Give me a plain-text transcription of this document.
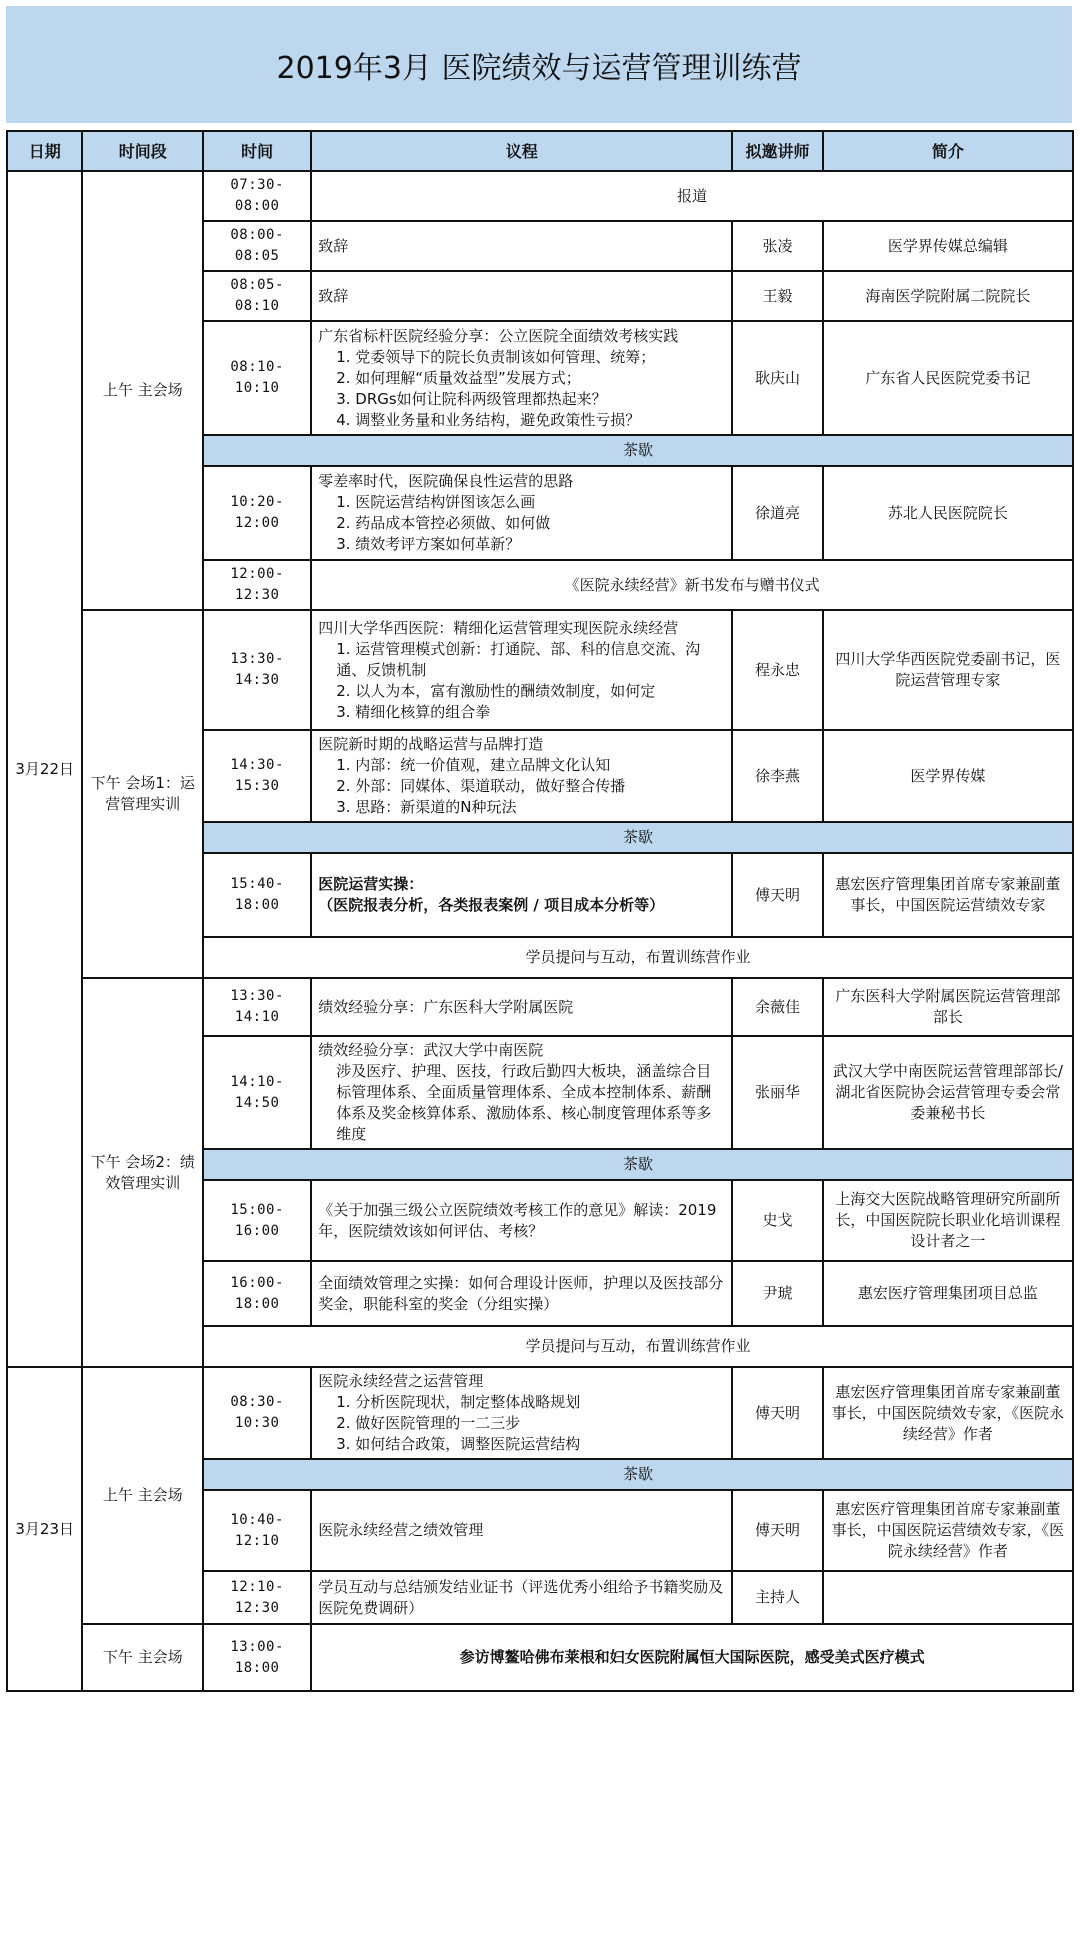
2019年3月 医院绩效与运营管理训练营
日期	时间段	时间	议程	拟邀讲师	简介
3月22日	上午 主会场	07:30-08:00	报道		
		08:00-08:05	致辞	张凌	医学界传媒总编辑
		08:05-08:10	致辞	王毅	海南医学院附属二院院长
		08:10-10:10	广东省标杆医院经验分享：公立医院全面绩效考核实践
1. 党委领导下的院长负责制该如何管理、统筹；
2. 如何理解“质量效益型”发展方式；
3. DRGs如何让院科两级管理都热起来？
4. 调整业务量和业务结构，避免政策性亏损？	耿庆山	广东省人民医院党委书记
		茶歇			
		10:20-12:00	零差率时代，医院确保良性运营的思路
1. 医院运营结构饼图该怎么画
2. 药品成本管控必须做、如何做
3. 绩效考评方案如何革新？	徐道亮	苏北人民医院院长
		12:00-12:30	《医院永续经营》新书发布与赠书仪式		
	下午 会场1：运营管理实训	13:30-14:30	四川大学华西医院：精细化运营管理实现医院永续经营
1. 运营管理模式创新：打通院、部、科的信息交流、沟通、反馈机制
2. 以人为本，富有激励性的酬绩效制度，如何定
3. 精细化核算的组合拳	程永忠	四川大学华西医院党委副书记，医院运营管理专家
		14:30-15:30	医院新时期的战略运营与品牌打造
1. 内部：统一价值观，建立品牌文化认知
2. 外部：同媒体、渠道联动，做好整合传播
3. 思路：新渠道的N种玩法	徐李燕	医学界传媒
		茶歇			
		15:40-18:00	医院运营实操：
（医院报表分析，各类报表案例 / 项目成本分析等）	傅天明	惠宏医疗管理集团首席专家兼副董事长，中国医院运营绩效专家
		学员提问与互动，布置训练营作业			
	下午 会场2：绩效管理实训	13:30-14:10	绩效经验分享：广东医科大学附属医院	余薇佳	广东医科大学附属医院运营管理部部长
		14:10-14:50	绩效经验分享：武汉大学中南医院
涉及医疗、护理、医技，行政后勤四大板块，涵盖综合目标管理体系、全面质量管理体系、全成本控制体系、薪酬体系及奖金核算体系、激励体系、核心制度管理体系等多维度	张丽华	武汉大学中南医院运营管理部部长/湖北省医院协会运营管理专委会常委兼秘书长
		茶歇			
		15:00-16:00	《关于加强三级公立医院绩效考核工作的意见》解读：2019年，医院绩效该如何评估、考核？	史戈	上海交大医院战略管理研究所副所长，中国医院院长职业化培训课程设计者之一
		16:00-18:00	全面绩效管理之实操：如何合理设计医师，护理以及医技部分奖金，职能科室的奖金（分组实操）	尹琥	惠宏医疗管理集团项目总监
		学员提问与互动，布置训练营作业			
3月23日	上午 主会场	08:30-10:30	医院永续经营之运营管理
1. 分析医院现状，制定整体战略规划
2. 做好医院管理的一二三步
3. 如何结合政策，调整医院运营结构	傅天明	惠宏医疗管理集团首席专家兼副董事长，中国医院绩效专家，《医院永续经营》作者
		茶歇			
		10:40-12:10	医院永续经营之绩效管理	傅天明	惠宏医疗管理集团首席专家兼副董事长，中国医院运营绩效专家，《医院永续经营》作者
		12:10-12:30	学员互动与总结颁发结业证书（评选优秀小组给予书籍奖励及医院免费调研）	主持人	
	下午 主会场	13:00-18:00	参访博鳌哈佛布莱根和妇女医院附属恒大国际医院，感受美式医疗模式		
